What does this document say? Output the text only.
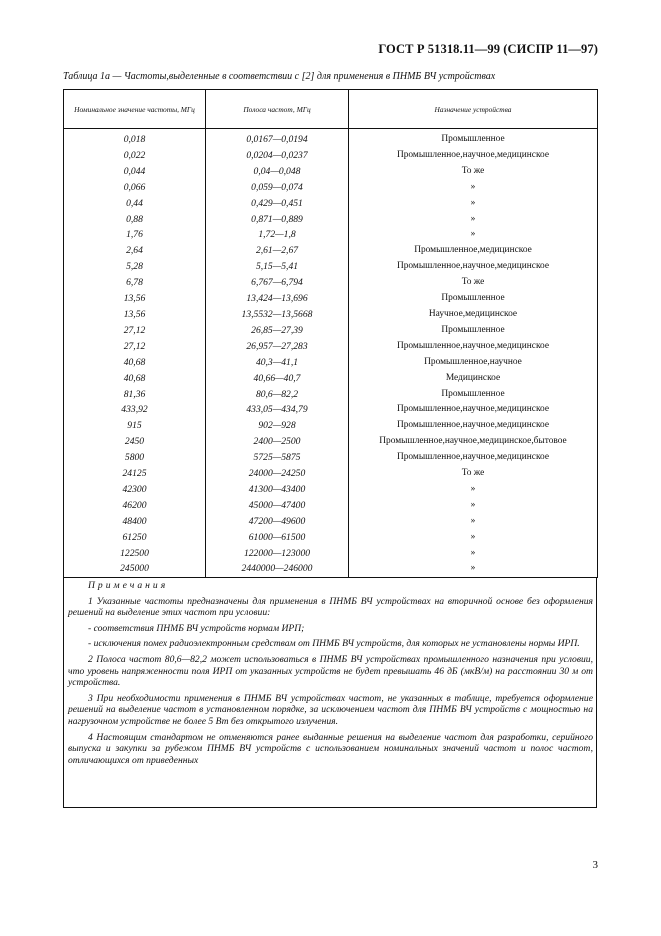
ГОСТ Р 51318.11—99 (СИСПР 11—97)
Таблица 1а — Частоты,выделенные в соответствии с [2] для применения в ПНМБ ВЧ устройствах
Номинальное значение частоты, МГц	Полоса частот, МГц	Назначение устройства
0,018	0,0167—0,0194	Промышленное
0,022	0,0204—0,0237	Промышленное,научное,медицинское
0,044	0,04—0,048	То же
0,066	0,059—0,074	»
0,44	0,429—0,451	»
0,88	0,871—0,889	»
1,76	1,72—1,8	»
2,64	2,61—2,67	Промышленное,медицинское
5,28	5,15—5,41	Промышленное,научное,медицинское
6,78	6,767—6,794	То же
13,56	13,424—13,696	Промышленное
13,56	13,5532—13,5668	Научное,медицинское
27,12	26,85—27,39	Промышленное
27,12	26,957—27,283	Промышленное,научное,медицинское
40,68	40,3—41,1	Промышленное,научное
40,68	40,66—40,7	Медицинское
81,36	80,6—82,2	Промышленное
433,92	433,05—434,79	Промышленное,научное,медицинское
915	902—928	Промышленное,научное,медицинское
2450	2400—2500	Промышленное,научное,медицинское,бытовое
5800	5725—5875	Промышленное,научное,медицинское
24125	24000—24250	То же
42300	41300—43400	»
46200	45000—47400	»
48400	47200—49600	»
61250	61000—61500	»
122500	122000—123000	»
245000	2440000—246000	»
Примечания

1 Указанные частоты предназначены для применения в ПНМБ ВЧ устройствах на вторичной основе без оформления решений на выделение этих частот при условии:

- соответствия ПНМБ ВЧ устройств нормам ИРП;

- исключения помех радиоэлектронным средствам от ПНМБ ВЧ устройств, для которых не установлены нормы ИРП.

2 Полоса частот 80,6—82,2 может использоваться в ПНМБ ВЧ устройствах промышленного назначения при условии, что уровень напряженности поля ИРП от указанных устройств не будет превышать 46 дБ (мкВ/м) на расстоянии 30 м от устройства.

3 При необходимости применения в ПНМБ ВЧ устройствах частот, не указанных в таблице, требуется оформление решений на выделение частот в установленном порядке, за исключением частот для ПНМБ ВЧ устройств с мощностью на нагрузочном устройстве не более 5 Вт без открытого излучения.

4 Настоящим стандартом не отменяются ранее выданные решения на выделение частот для разработки, серийного выпуска и закупки за рубежом ПНМБ ВЧ устройств с использованием номинальных значений частот и полос частот, отличающихся от приведенных

3
